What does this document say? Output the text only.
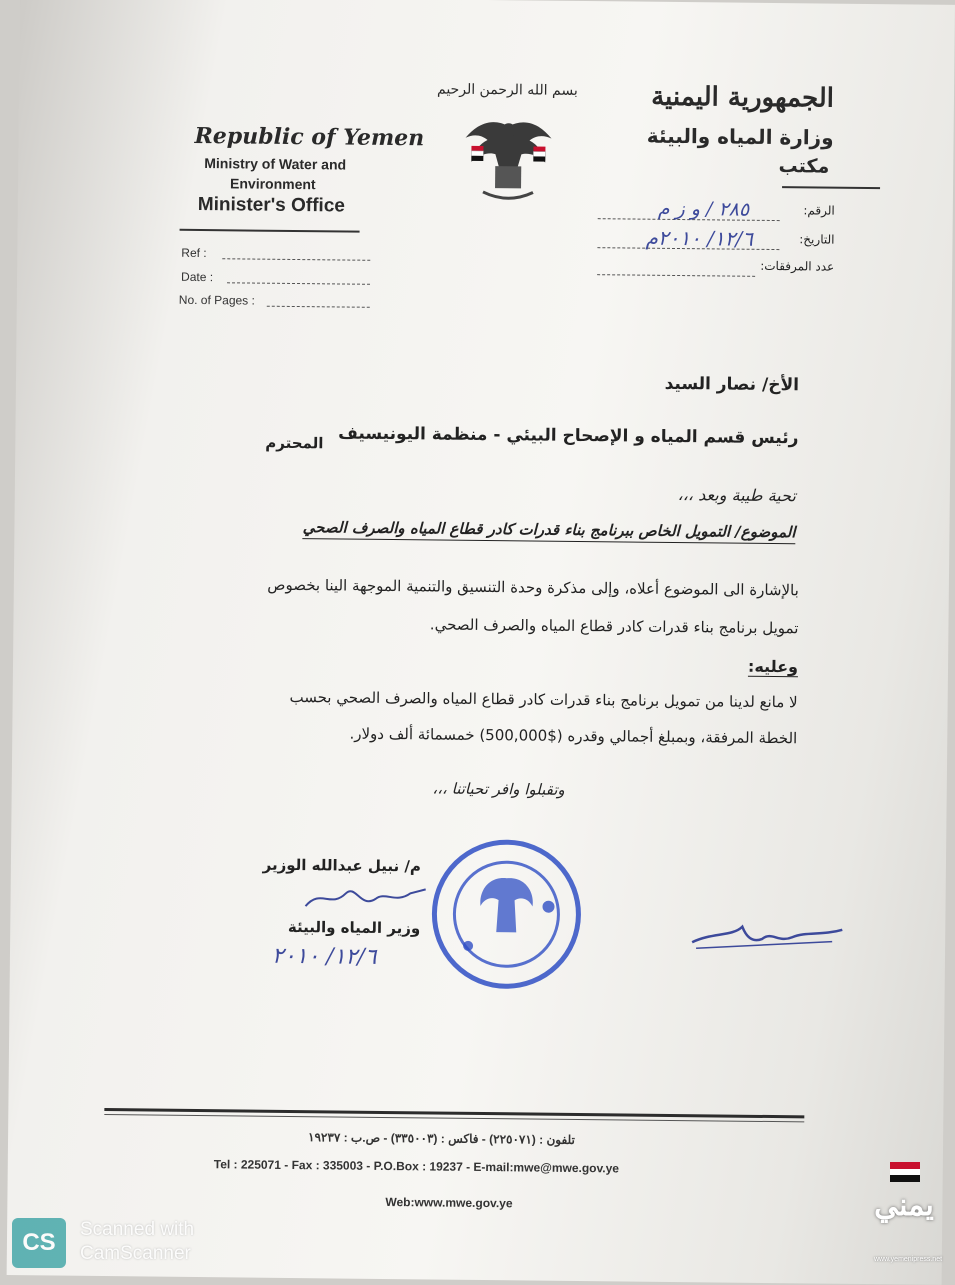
Republic of Yemen
Ministry of Water and
Environment
Minister's Office
بسم الله الرحمن الرحيم	الجمهورية اليمنية
وزارة المياه والبيئة
مكتب
الرقم:
٢٨٥ / و ز م
التاريخ:
١٢/٦/ ٢٠١٠م
عدد المرفقات:
Ref :
Date :
No. of Pages :
الأخ/ نصار السيد
رئيس قسم المياه و الإصحاح البيئي - منظمة اليونيسيف
المحترم
تحية طيبة وبعد ،،،
الموضوع/ التمويل الخاص ببرنامج بناء قدرات كادر قطاع المياه والصرف الصحي
بالإشارة الى الموضوع أعلاه، وإلى مذكرة وحدة التنسيق والتنمية الموجهة الينا بخصوص
تمويل برنامج بناء قدرات كادر قطاع المياه والصرف الصحي.
وعليه:
لا مانع لدينا من تمويل برنامج بناء قدرات كادر قطاع المياه والصرف الصحي بحسب
الخطة المرفقة، وبمبلغ أجمالي وقدره ($500,000) خمسمائة ألف دولار.
وتقبلوا وافر تحياتنا ،،،
م/ نبيل عبدالله الوزير
وزير المياه والبيئة
١٢/٦/ ٢٠١٠
تلفون : (٢٢٥٠٧١) - فاكس : (٣٣٥٠٠٣) - ص.ب : ١٩٢٣٧
Tel : 225071 - Fax : 335003 - P.O.Box : 19237 - E-mail:mwe@mwe.gov.ye
Web:www.mwe.gov.ye
CS	Scanned with CamScanner
يمني
www.yemenipress.net
